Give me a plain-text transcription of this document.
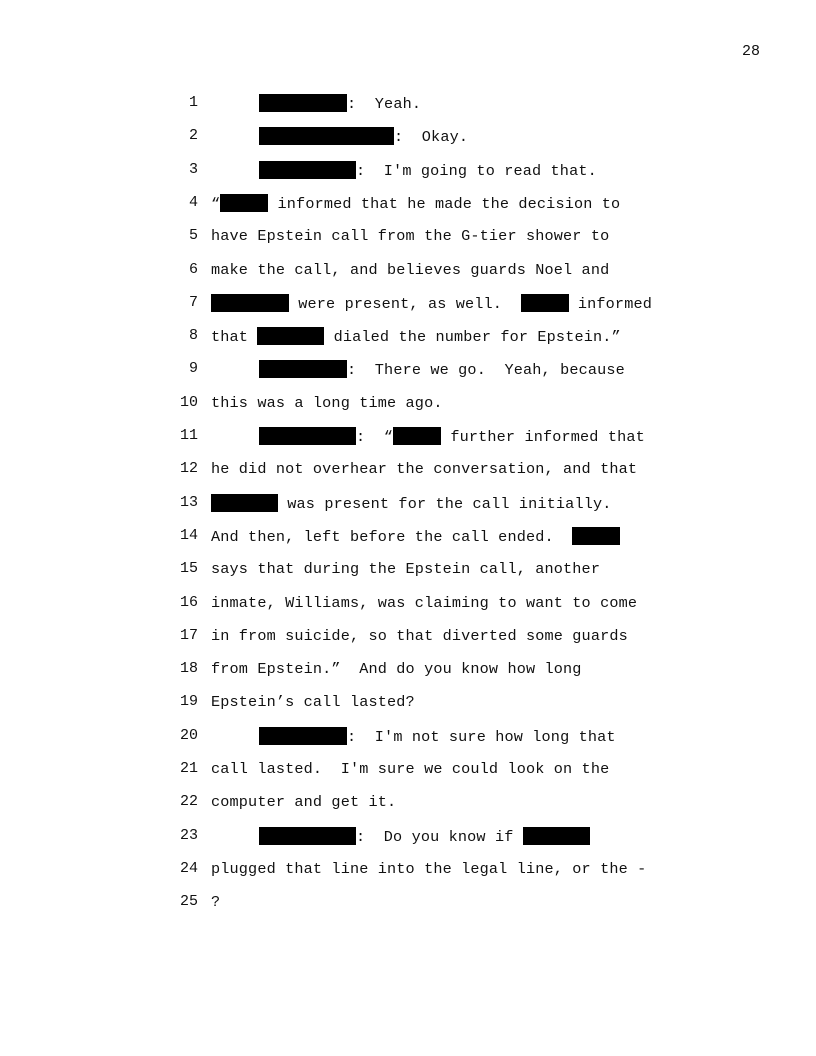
28
1	:  Yeah.
2	:  Okay.
3	:  I'm going to read that.
4 “	informed that he made the decision to
5 have Epstein call from the G-tier shower to
6 make the call, and believes guards Noel and
7	were present, as well.	informed
8 that	dialed the number for Epstein.”
9	:  There we go.  Yeah, because
10 this was a long time ago.
11	:  “	further informed that
12 he did not overhear the conversation, and that
13	was present for the call initially.
14 And then, left before the call ended.
15 says that during the Epstein call, another
16 inmate, Williams, was claiming to want to come
17 in from suicide, so that diverted some guards
18 from Epstein.”  And do you know how long
19 Epstein’s call lasted?
20	:  I'm not sure how long that
21 call lasted.  I'm sure we could look on the
22 computer and get it.
23	:  Do you know if
24 plugged that line into the legal line, or the -
25 ?
